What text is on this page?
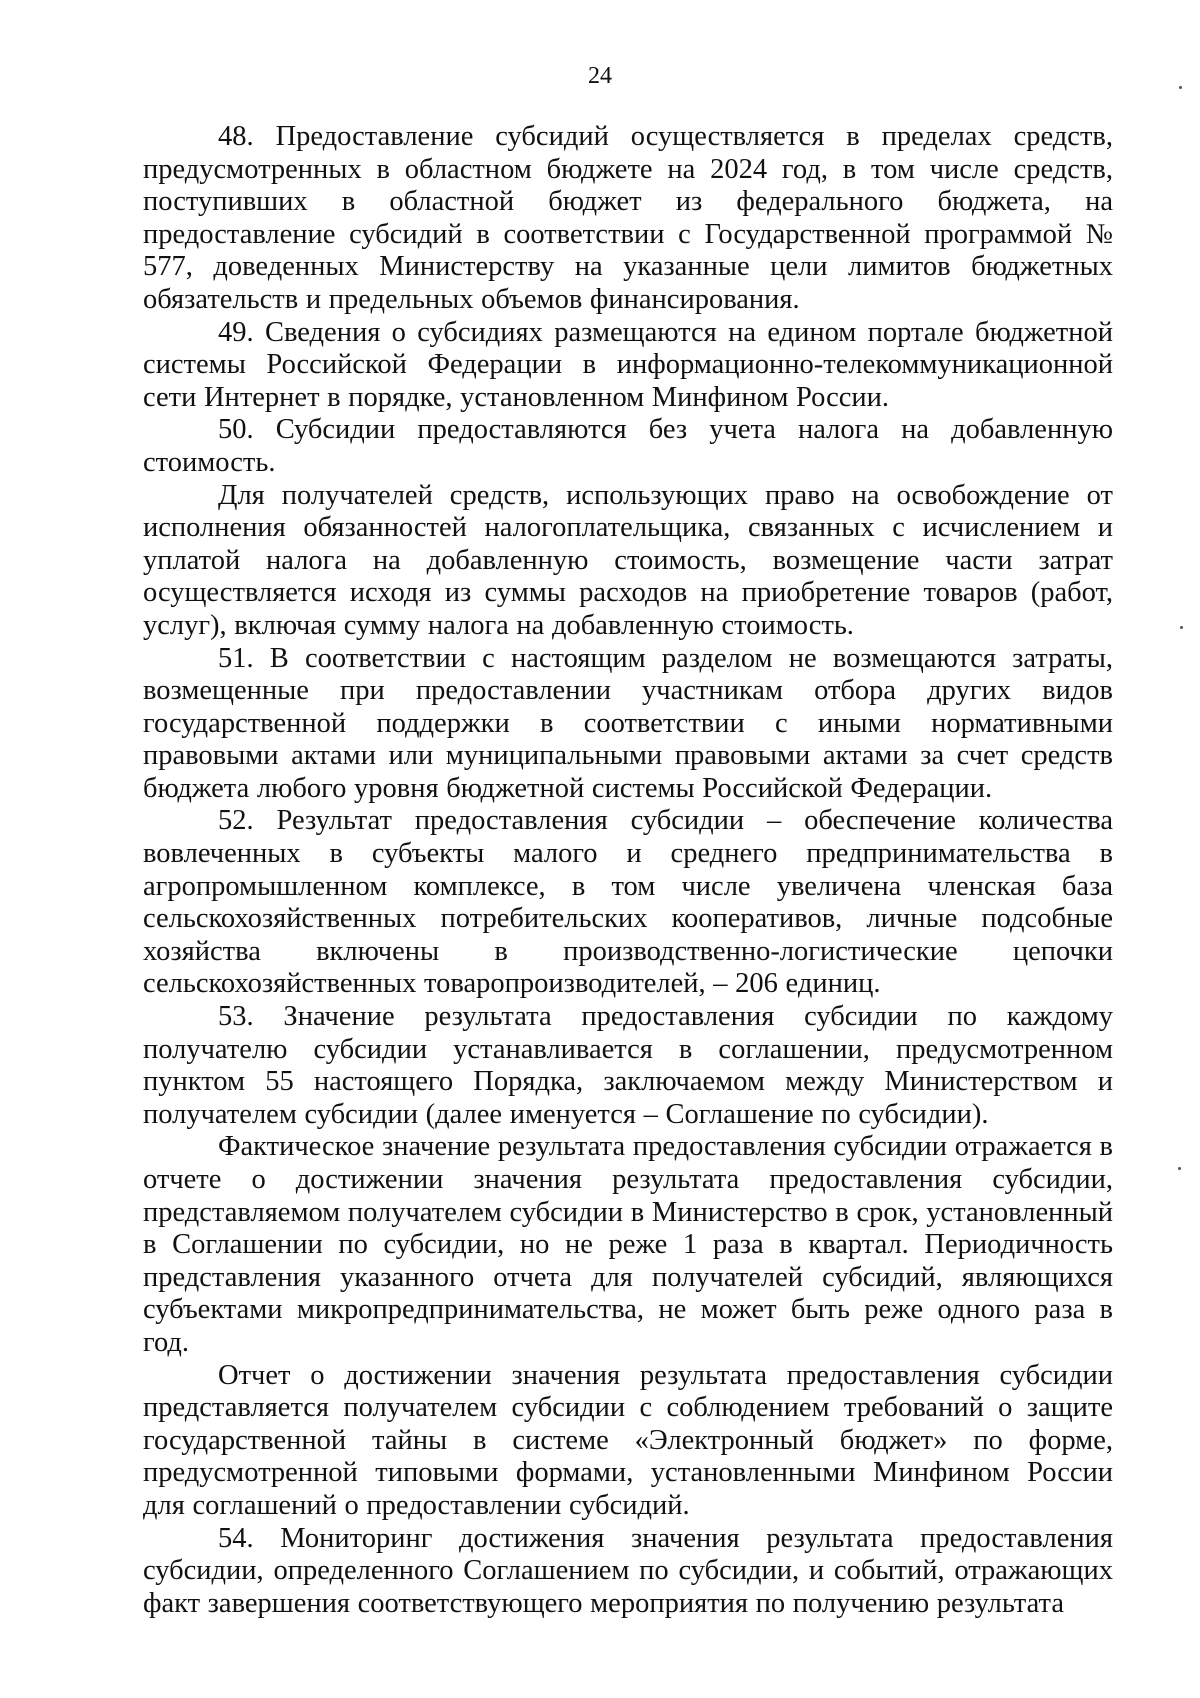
24

48. Предоставление субсидий осуществляется в пределах средств, предусмотренных в областном бюджете на 2024 год, в том числе средств, поступивших в областной бюджет из федерального бюджета, на предоставление субсидий в соответствии с Государственной программой № 577, доведенных Министерству на указанные цели лимитов бюджетных обязательств и предельных объемов финансирования.

49. Сведения о субсидиях размещаются на едином портале бюджетной системы Российской Федерации в информационно-телекоммуникационной сети Интернет в порядке, установленном Минфином России.

50. Субсидии предоставляются без учета налога на добавленную стоимость.

Для получателей средств, использующих право на освобождение от исполнения обязанностей налогоплательщика, связанных с исчислением и уплатой налога на добавленную стоимость, возмещение части затрат осуществляется исходя из суммы расходов на приобретение товаров (работ, услуг), включая сумму налога на добавленную стоимость.

51. В соответствии с настоящим разделом не возмещаются затраты, возмещенные при предоставлении участникам отбора других видов государственной поддержки в соответствии с иными нормативными правовыми актами или муниципальными правовыми актами за счет средств бюджета любого уровня бюджетной системы Российской Федерации.

52. Результат предоставления субсидии – обеспечение количества вовлеченных в субъекты малого и среднего предпринимательства в агропромышленном комплексе, в том числе увеличена членская база сельскохозяйственных потребительских кооперативов, личные подсобные хозяйства включены в производственно-логистические цепочки сельскохозяйственных товаропроизводителей, – 206 единиц.

53. Значение результата предоставления субсидии по каждому получателю субсидии устанавливается в соглашении, предусмотренном пунктом 55 настоящего Порядка, заключаемом между Министерством и получателем субсидии (далее именуется – Соглашение по субсидии).

Фактическое значение результата предоставления субсидии отражается в отчете о достижении значения результата предоставления субсидии, представляемом получателем субсидии в Министерство в срок, установленный в Соглашении по субсидии, но не реже 1 раза в квартал. Периодичность представления указанного отчета для получателей субсидий, являющихся субъектами микропредпринимательства, не может быть реже одного раза в год.

Отчет о достижении значения результата предоставления субсидии представляется получателем субсидии с соблюдением требований о защите государственной тайны в системе «Электронный бюджет» по форме, предусмотренной типовыми формами, установленными Минфином России для соглашений о предоставлении субсидий.

54. Мониторинг достижения значения результата предоставления субсидии, определенного Соглашением по субсидии, и событий, отражающих факт завершения соответствующего мероприятия по получению результата
